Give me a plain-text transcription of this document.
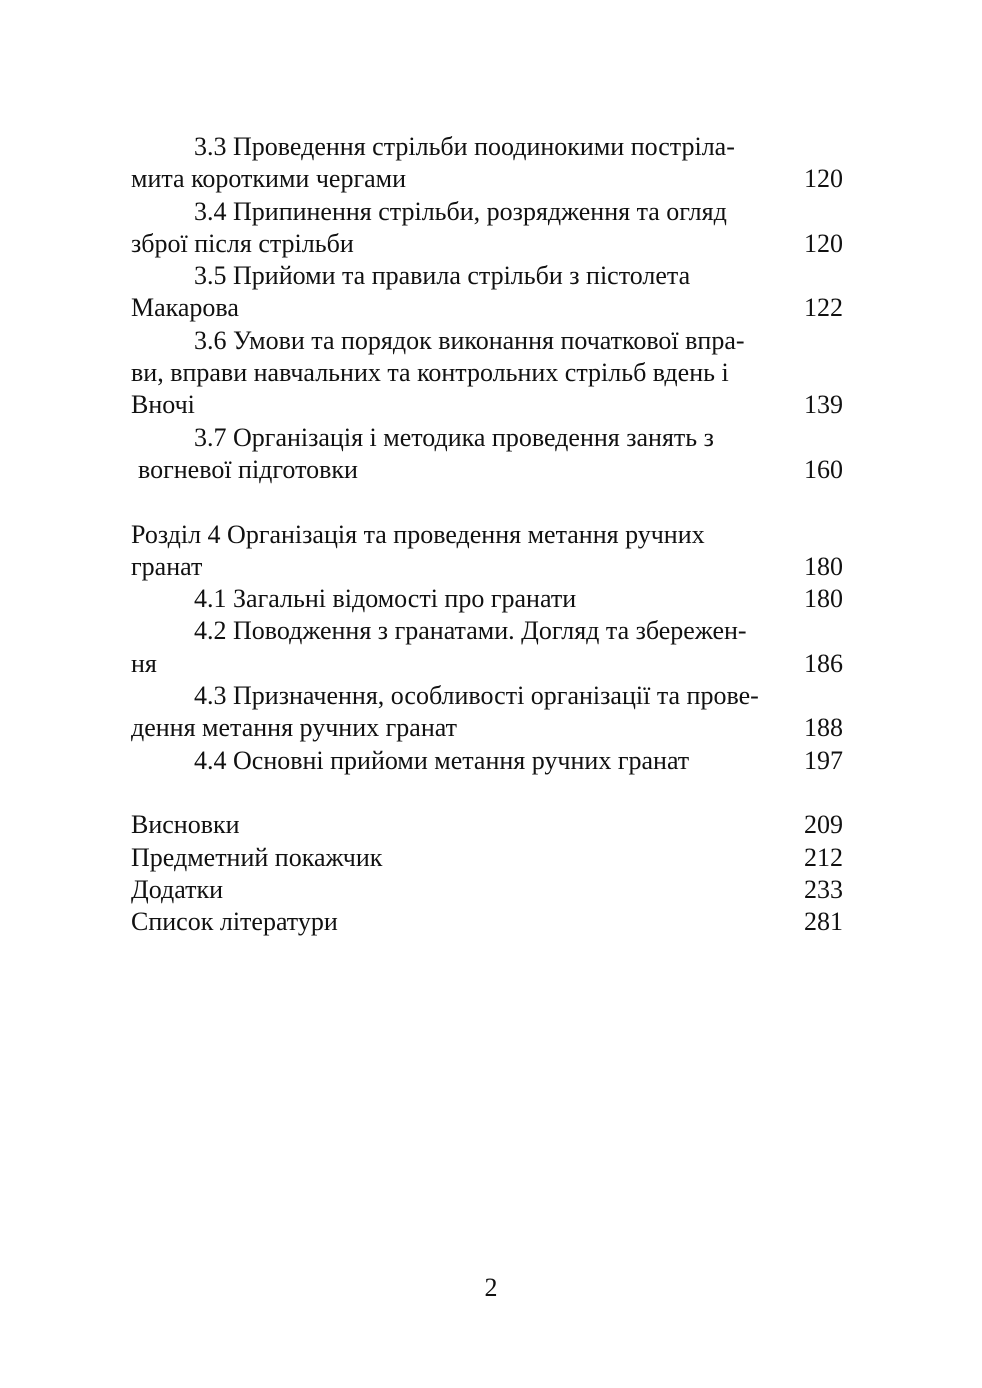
3.3 Проведення стрільби поодинокими пострілa-
мита короткими чергами	120
3.4 Припинення стрільби, розрядження та огляд
зброї після стрільби	120
3.5 Прийоми та правила стрільби з пістолета
Макарова	122
3.6 Умови та порядок виконання початкової впра-
ви, вправи навчальних та контрольних стрільб вдень і
Вночі	139
3.7 Організація і методика проведення занять з
вогневої підготовки	160
Розділ 4 Організація та проведення метання ручних
гранат	180
4.1 Загальні відомості про гранати	180
4.2 Поводження з гранатами. Догляд та збережен-
ня	186
4.3 Призначення, особливості організації та прове-
дення метання ручних гранат	188
4.4 Основні прийоми метання ручних гранат	197
Висновки	209
Предметний покажчик	212
Додатки	233
Список літератури	281
2
